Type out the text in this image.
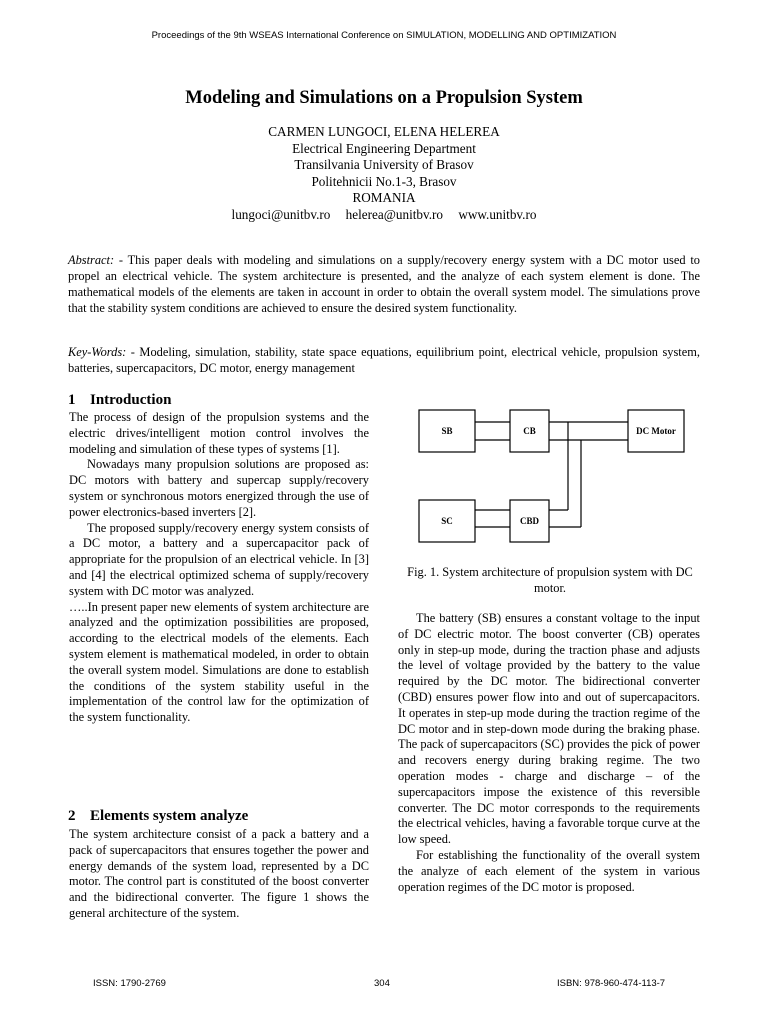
Proceedings of the 9th WSEAS International Conference on SIMULATION, MODELLING AND OPTIMIZATION
Modeling and Simulations on a Propulsion System
CARMEN LUNGOCI, ELENA HELEREA
Electrical Engineering Department
Transilvania University of Brasov
Politehnicii No.1-3, Brasov
ROMANIA
lungoci@unitbv.ro helerea@unitbv.ro www.unitbv.ro
Abstract: - This paper deals with modeling and simulations on a supply/recovery energy system with a DC motor used to propel an electrical vehicle. The system architecture is presented, and the analyze of each system element is done. The mathematical models of the elements are taken in account in order to obtain the overall system model. The simulations prove that the stability system conditions are achieved to ensure the desired system functionality.
Key-Words: - Modeling, simulation, stability, state space equations, equilibrium point, electrical vehicle, propulsion system, batteries, supercapacitors, DC motor, energy management
1 Introduction

The process of design of the propulsion systems and the electric drives/intelligent motion control involves the modeling and simulation of these types of systems [1].

Nowadays many propulsion solutions are proposed as: DC motors with battery and supercap supply/recovery system or synchronous motors energized through the use of power electronics-based inverters [2].

The proposed supply/recovery energy system consists of a DC motor, a battery and a supercapacitor pack of appropriate for the propulsion of an electrical vehicle. In [3] and [4] the electrical optimized schema of supply/recovery system with DC motor was analyzed.

…..In present paper new elements of system architecture are analyzed and the optimization possibilities are proposed, according to the electrical models of the elements. Each system element is mathematical modeled, in order to obtain the overall system model. Simulations are done to establish the conditions of the system stability useful in the implementation of the control law for the optimization of the system functionality.

2 Elements system analyze

The system architecture consist of a pack a battery and a pack of supercapacitors that ensures together the power and energy demands of the system load, represented by a DC motor. The control part is constituted of the boost converter and the bidirectional converter. The figure 1 shows the general architecture of the system.

SB	CB	DC Motor
SC	CBD
Fig. 1. System architecture of propulsion system with DC motor.

The battery (SB) ensures a constant voltage to the input of DC electric motor. The boost converter (CB) operates only in step-up mode, during the traction phase and adjusts the level of voltage provided by the battery to the value required by the DC motor. The bidirectional converter (CBD) ensures power flow into and out of supercapacitors. It operates in step-up mode during the traction regime of the DC motor and in step-down mode during the braking phase. The pack of supercapacitors (SC) provides the pick of power and recovers energy during braking regime. The two operation modes - charge and discharge – of the supercapacitors impose the existence of this reversible converter. The DC motor corresponds to the requirements the electrical vehicles, having a favorable torque curve at the low speed.

For establishing the functionality of the overall system the analyze of each element of the system in various operation regimes of the DC motor is proposed.

ISSN: 1790-2769	304	ISBN: 978-960-474-113-7
